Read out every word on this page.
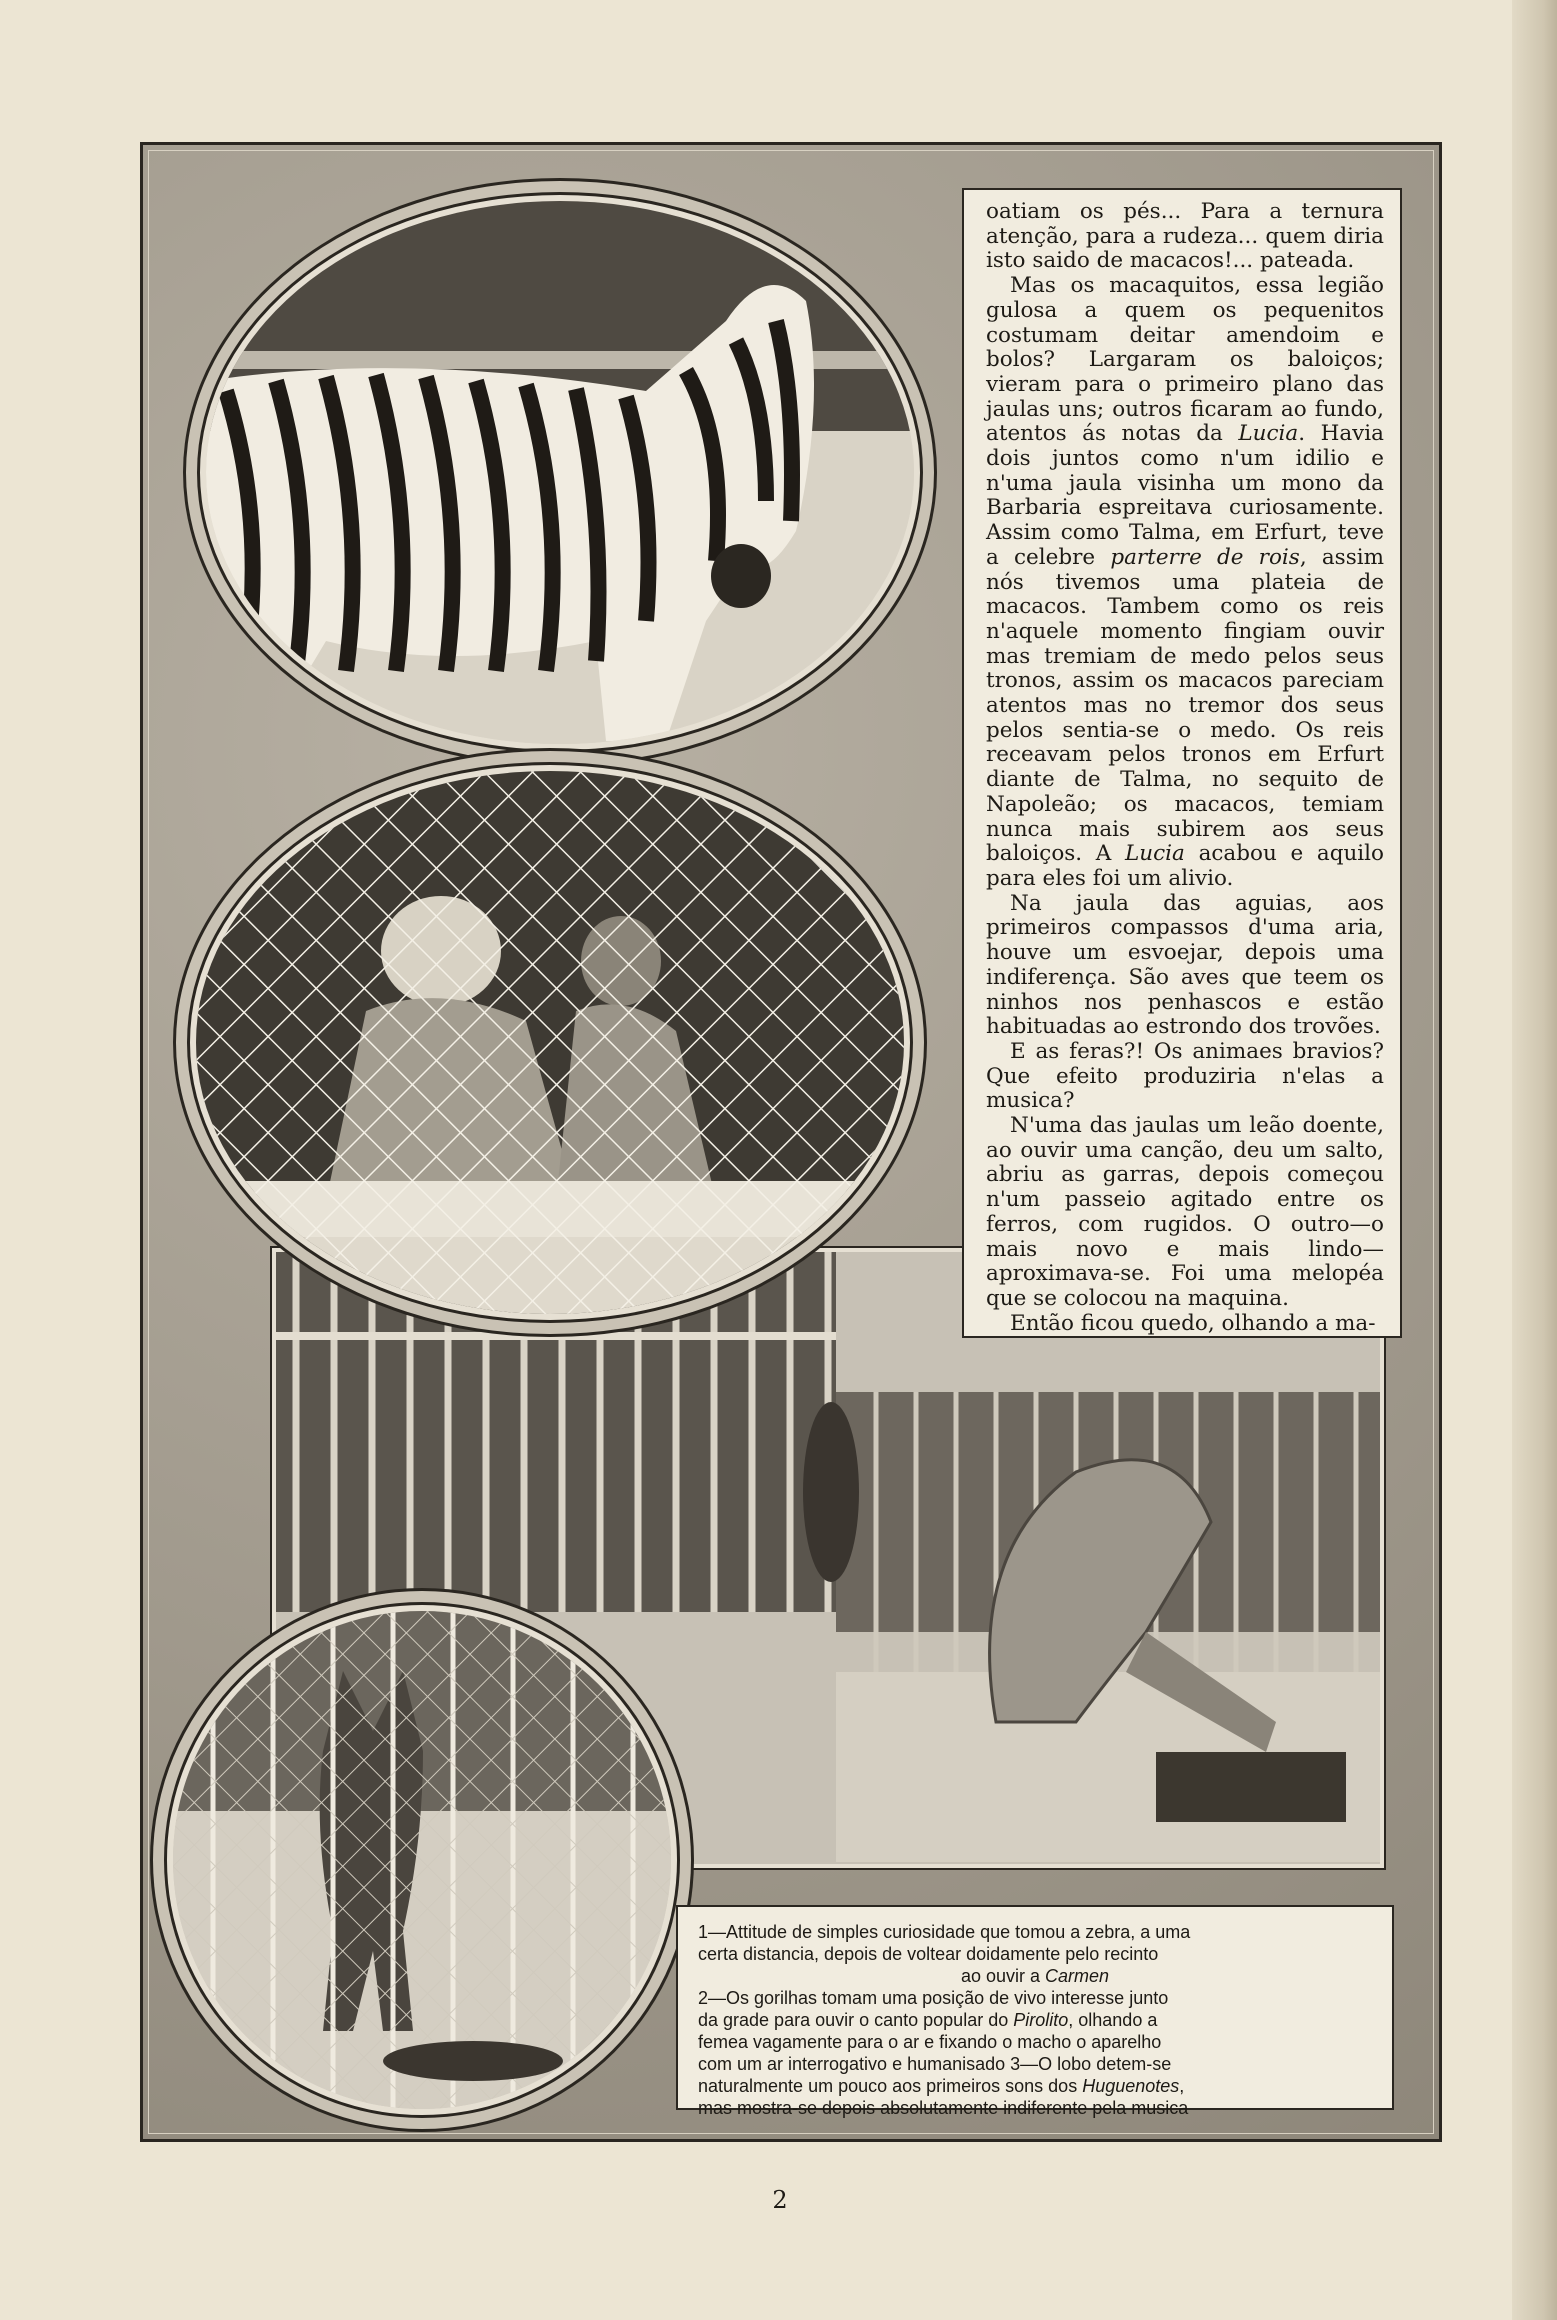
oatiam os pés... Para a ternura atenção, para a rudeza... quem diria isto saido de macacos!... pateada.

Mas os macaquitos, essa legião gulosa a quem os pequenitos costumam deitar amendoim e bolos? Largaram os baloiços; vieram para o primeiro plano das jaulas uns; outros ficaram ao fundo, atentos ás notas da Lucia. Havia dois juntos como n'um idilio e n'uma jaula visinha um mono da Barbaria espreitava curiosamente. Assim como Talma, em Erfurt, teve a celebre parterre de rois, assim nós tivemos uma plateia de macacos. Tambem como os reis n'aquele momento fingiam ouvir mas tremiam de medo pelos seus tronos, assim os macacos pareciam atentos mas no tremor dos seus pelos sentia-se o medo. Os reis receavam pelos tronos em Erfurt diante de Talma, no sequito de Napoleão; os macacos, temiam nunca mais subirem aos seus baloiços. A Lucia acabou e aquilo para eles foi um alivio.

Na jaula das aguias, aos primeiros compassos d'uma aria, houve um esvoejar, depois uma indiferença. São aves que teem os ninhos nos penhascos e estão habituadas ao estrondo dos trovões.

E as feras?! Os animaes bravios? Que efeito produziria n'elas a musica?

N'uma das jaulas um leão doente, ao ouvir uma canção, deu um salto, abriu as garras, depois começou n'um passeio agitado entre os ferros, com rugidos. O outro—o mais novo e mais lindo—aproximava-se. Foi uma melopéa que se colocou na maquina.

Então ficou quedo, olhando a ma-

1—Attitude de simples curiosidade que tomou a zebra, a uma
certa distancia, depois de voltear doidamente pelo recinto
ao ouvir a Carmen
2—Os gorilhas tomam uma posição de vivo interesse junto
da grade para ouvir o canto popular do Pirolito, olhando a
femea vagamente para o ar e fixando o macho o aparelho
com um ar interrogativo e humanisado 3—O lobo detem-se
naturalmente um pouco aos primeiros sons dos Huguenotes,
mas mostra-se depois absolutamente indiferente pela musica
2
